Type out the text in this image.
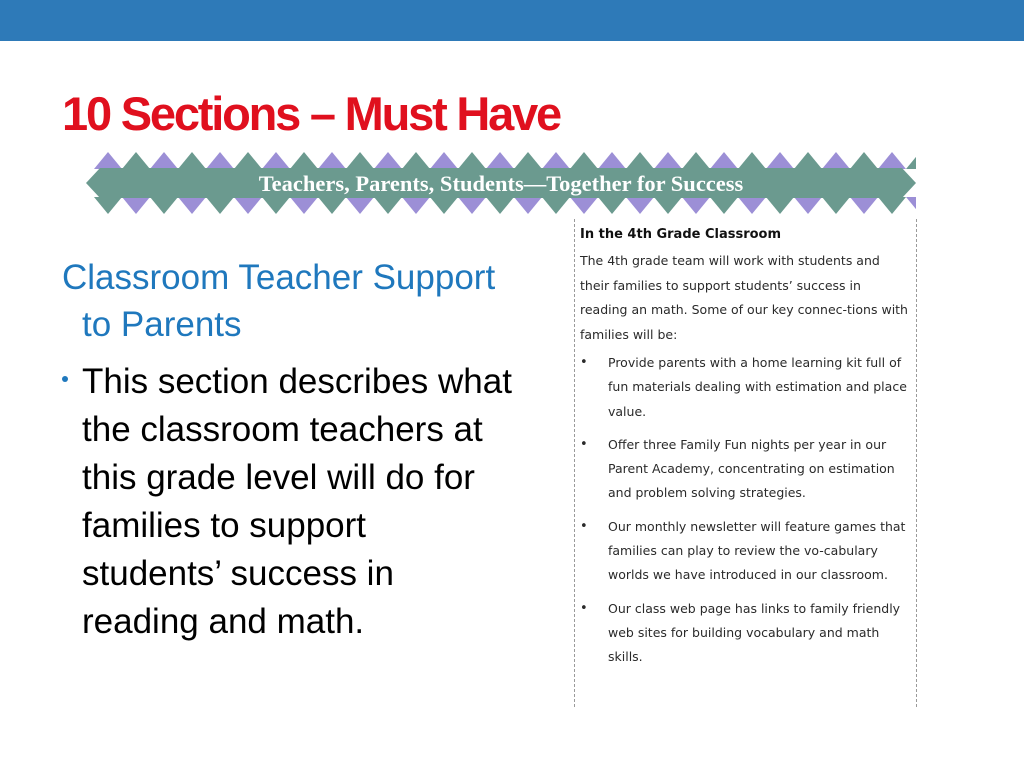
10 Sections – Must Have
Teachers, Parents, Students—Together for Success

Classroom Teacher Support to Parents

This section describes what the classroom teachers at this grade level will do for families to support students’ success in reading and math.

In the 4th Grade Classroom

The 4th grade team will work with students and their families to support students’ success in reading an math. Some of our key connec-tions with families will be:

• Provide parents with a home learning kit full of fun materials dealing with estimation and place value.
• Offer three Family Fun nights per year in our Parent Academy, concentrating on estimation and problem solving strategies.
• Our monthly newsletter will feature games that families can play to review the vo-cabulary worlds we have introduced in our classroom.
• Our class web page has links to family friendly web sites for building vocabulary and math skills.
